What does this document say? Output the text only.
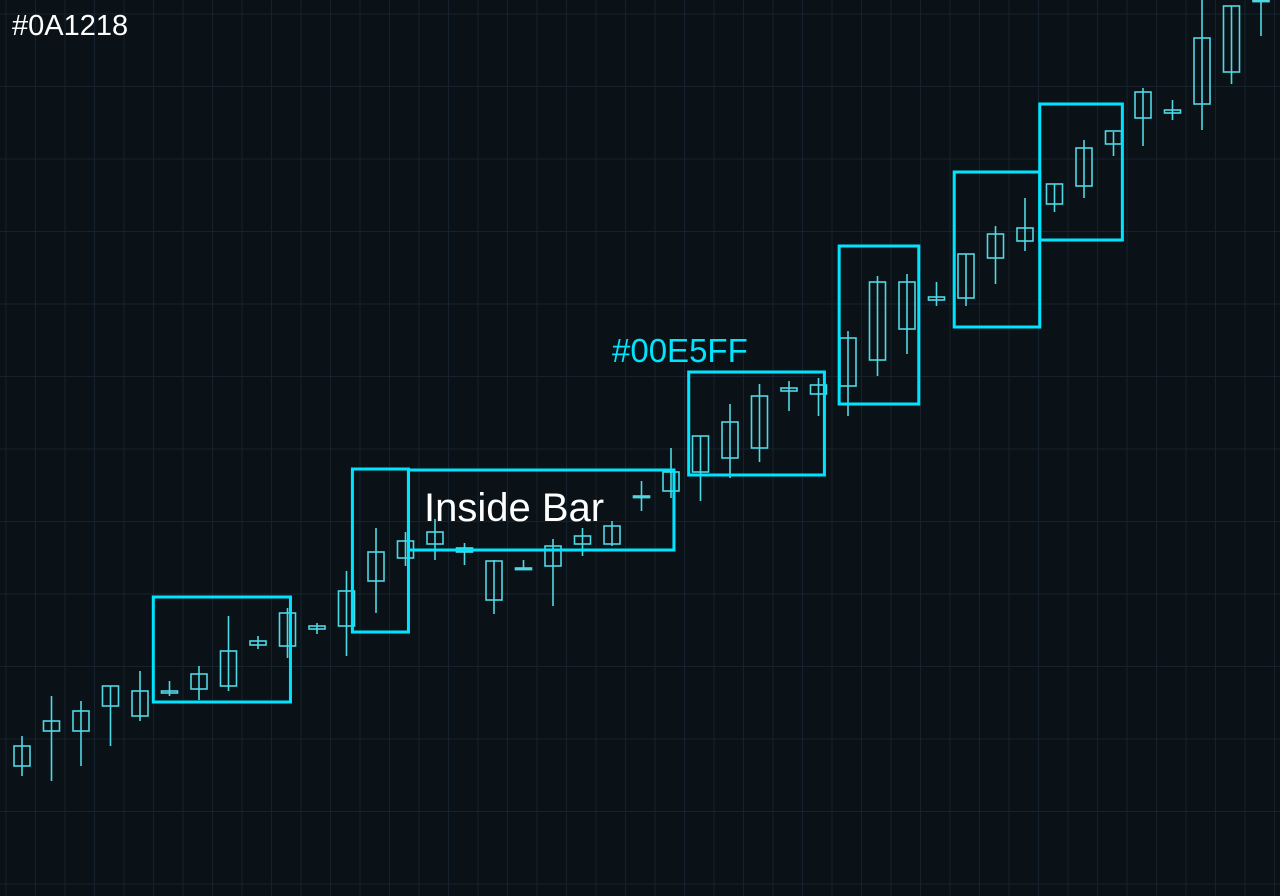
#0A1218
#00E5FF
Inside Bar
